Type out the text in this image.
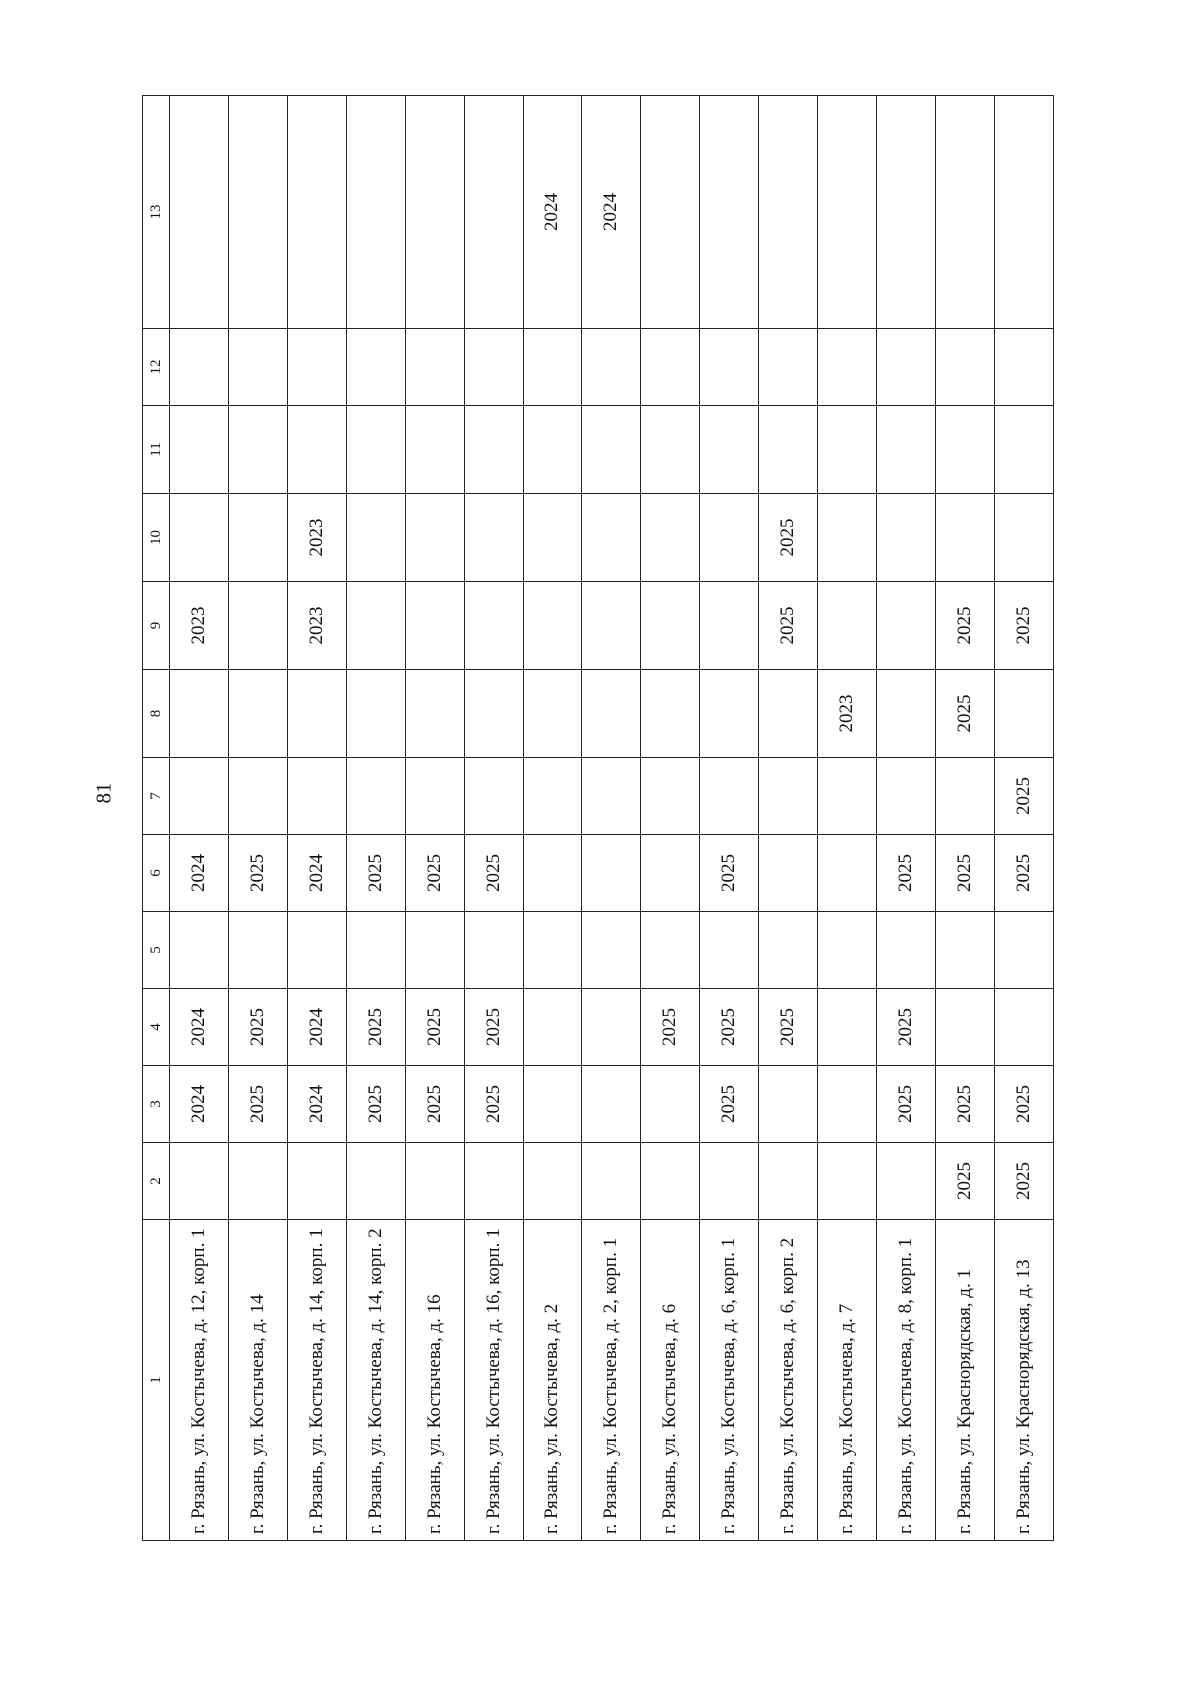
81
1	2	3	4	5	6	7	8	9	10	11	12	13
г. Рязань, ул. Костычева, д. 12, корп. 1		2024	2024		2024			2023				
г. Рязань, ул. Костычева, д. 14		2025	2025		2025							
г. Рязань, ул. Костычева, д. 14, корп. 1		2024	2024		2024			2023	2023			
г. Рязань, ул. Костычева, д. 14, корп. 2		2025	2025		2025							
г. Рязань, ул. Костычева, д. 16		2025	2025		2025							
г. Рязань, ул. Костычева, д. 16, корп. 1		2025	2025		2025							
г. Рязань, ул. Костычева, д. 2												2024
г. Рязань, ул. Костычева, д. 2, корп. 1												2024
г. Рязань, ул. Костычева, д. 6			2025									
г. Рязань, ул. Костычева, д. 6, корп. 1		2025	2025		2025							
г. Рязань, ул. Костычева, д. 6, корп. 2			2025					2025	2025			
г. Рязань, ул. Костычева, д. 7							2023					
г. Рязань, ул. Костычева, д. 8, корп. 1		2025	2025		2025							
г. Рязань, ул. Краснорядская, д. 1	2025	2025			2025		2025	2025				
г. Рязань, ул. Краснорядская, д. 13	2025	2025			2025	2025		2025				
